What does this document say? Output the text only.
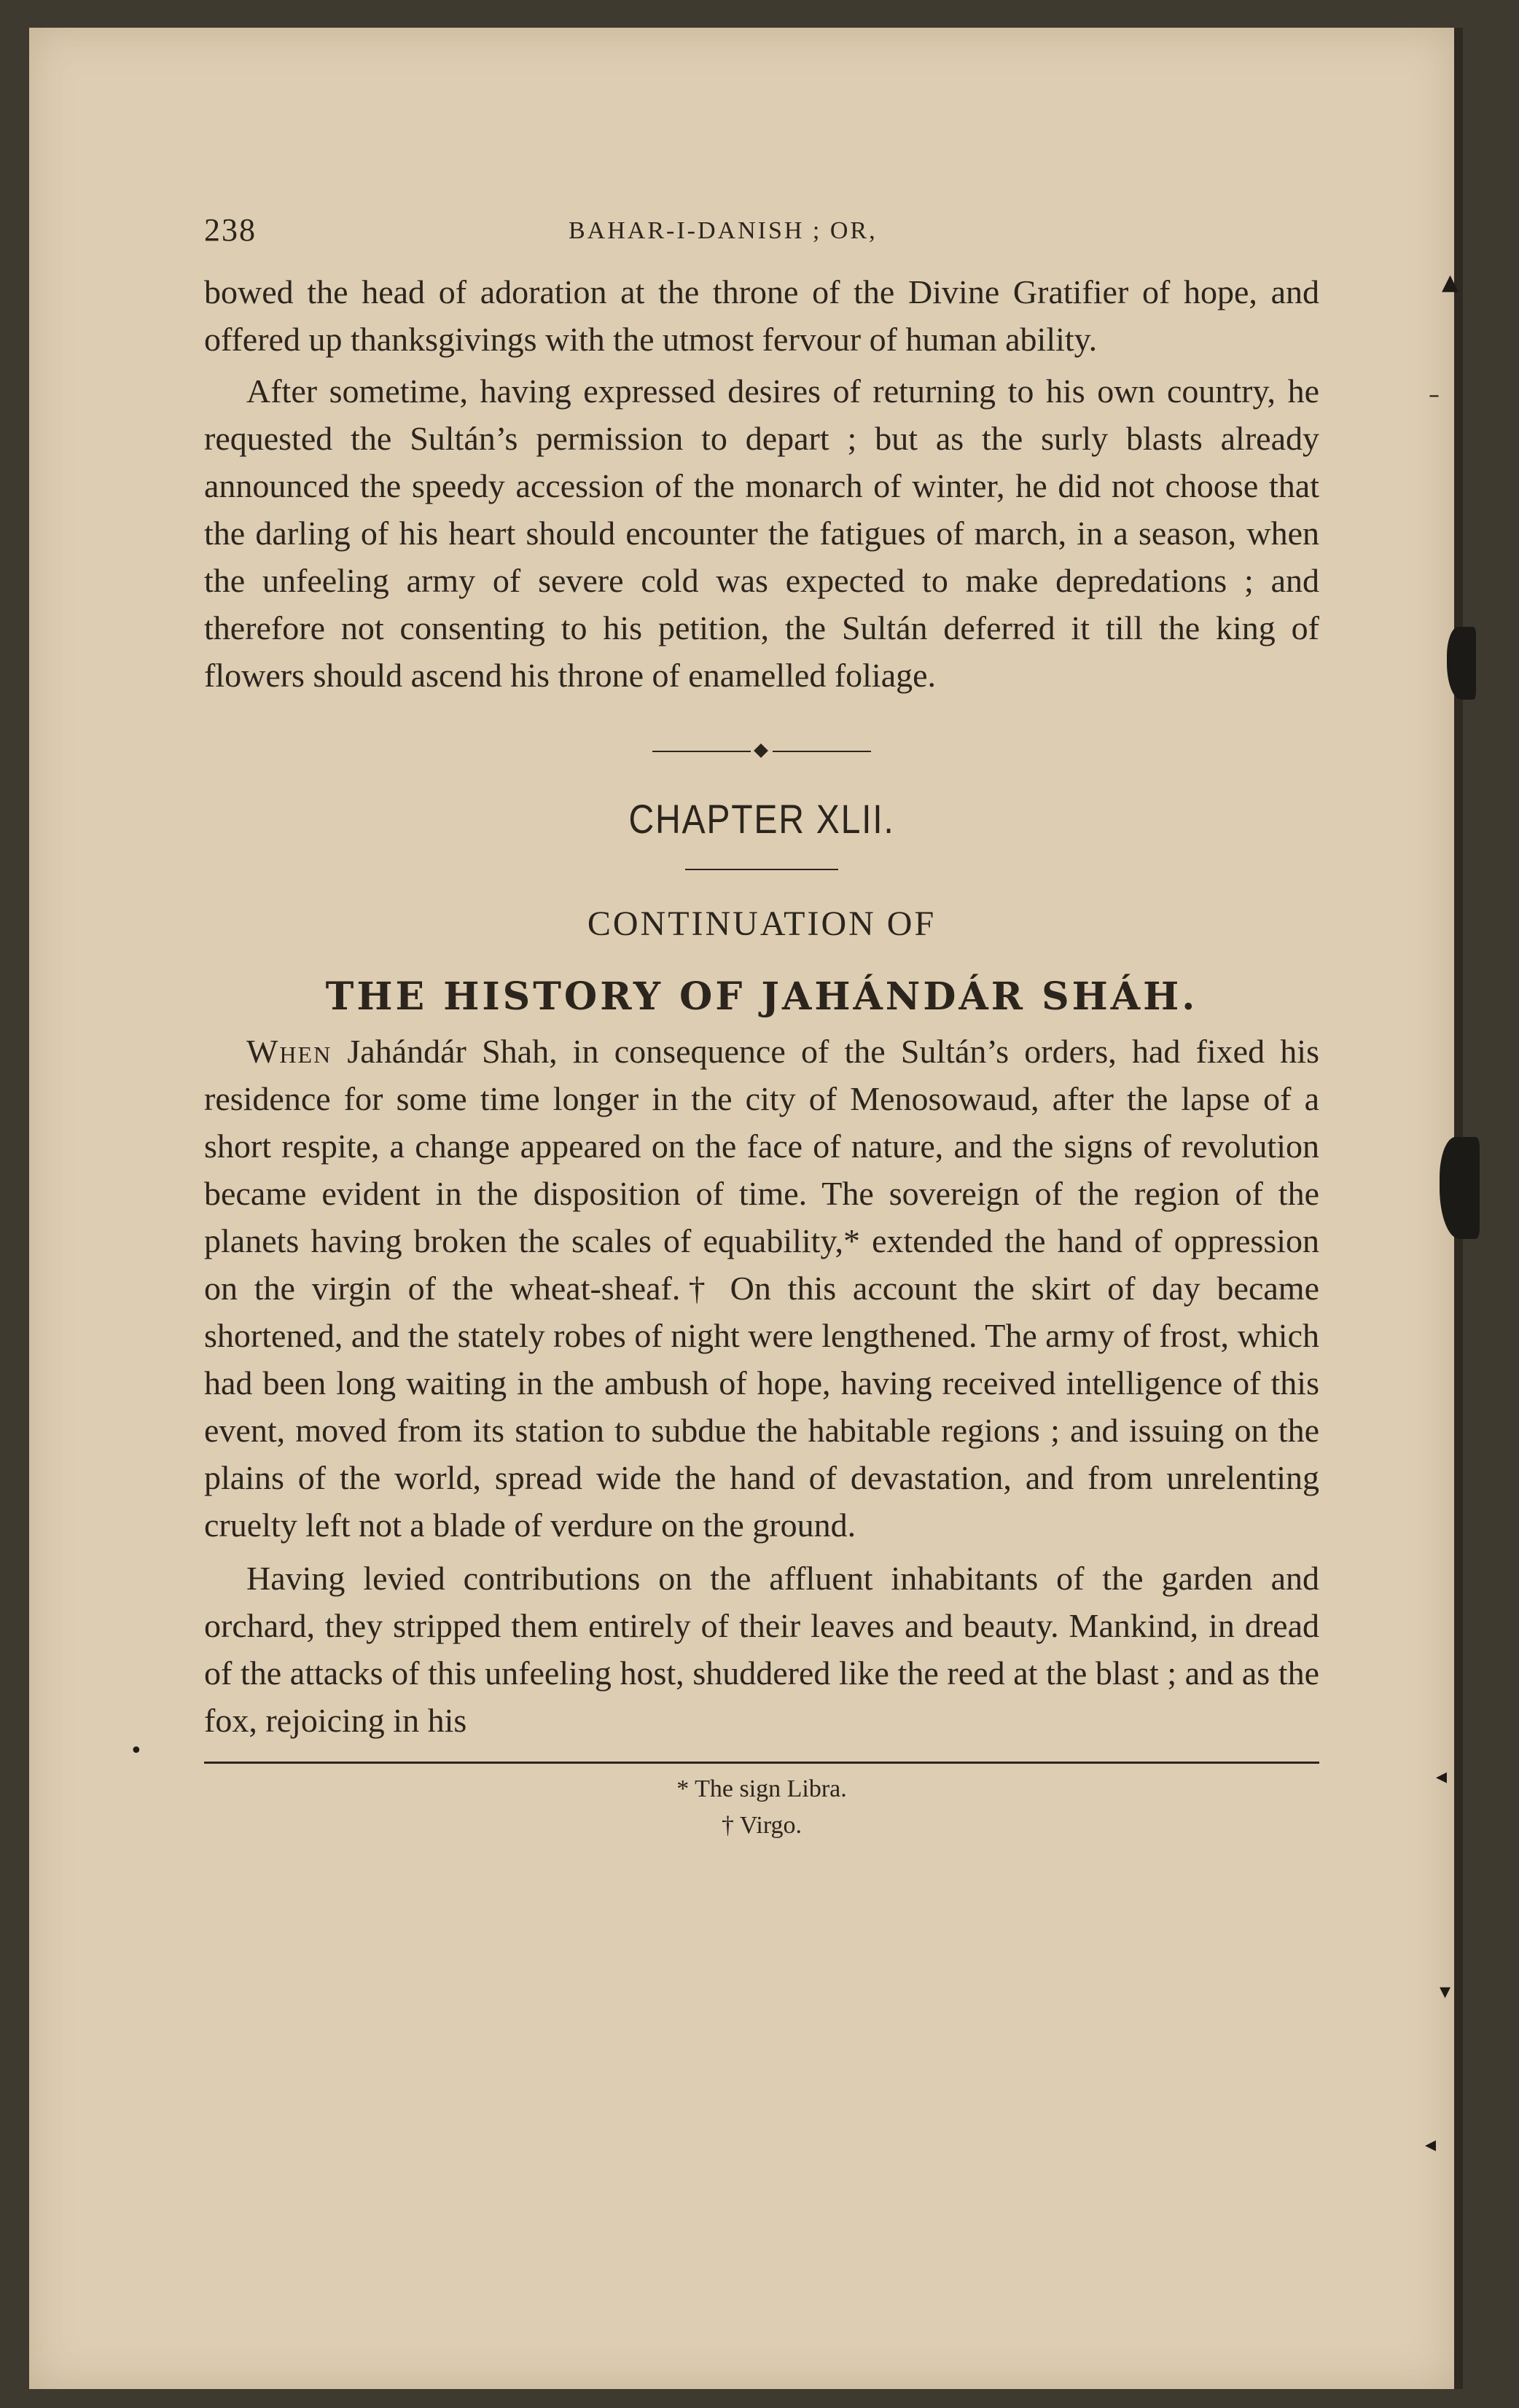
▲
–
◂
▾
◂
•
238	BAHAR-I-DANISH ; OR,

bowed the head of adoration at the throne of the Divine Gratifier of hope, and offered up thanksgivings with the utmost fervour of human ability.

After sometime, having expressed desires of returning to his own country, he requested the Sultán’s permission to depart ; but as the surly blasts already announced the speedy accession of the monarch of winter, he did not choose that the darling of his heart should encounter the fatigues of march, in a season, when the unfeeling army of severe cold was expected to make depredations ; and therefore not consenting to his petition, the Sultán deferred it till the king of flowers should ascend his throne of enamelled foliage.

CHAPTER XLII.
CONTINUATION OF
THE HISTORY OF JAHÁNDÁR SHÁH.

When Jahándár Shah, in consequence of the Sultán’s orders, had fixed his residence for some time longer in the city of Menosowaud, after the lapse of a short respite, a change appeared on the face of nature, and the signs of revolution became evident in the disposition of time. The sovereign of the region of the planets having broken the scales of equability,* extended the hand of oppression on the virgin of the wheat-sheaf.† On this account the skirt of day became shortened, and the stately robes of night were lengthened. The army of frost, which had been long waiting in the ambush of hope, having received intelligence of this event, moved from its station to subdue the habitable regions ; and issuing on the plains of the world, spread wide the hand of devastation, and from unrelenting cruelty left not a blade of verdure on the ground.

Having levied contributions on the affluent inhabitants of the garden and orchard, they stripped them entirely of their leaves and beauty. Mankind, in dread of the attacks of this unfeeling host, shuddered like the reed at the blast ; and as the fox, rejoicing in his

* The sign Libra.
† Virgo.
